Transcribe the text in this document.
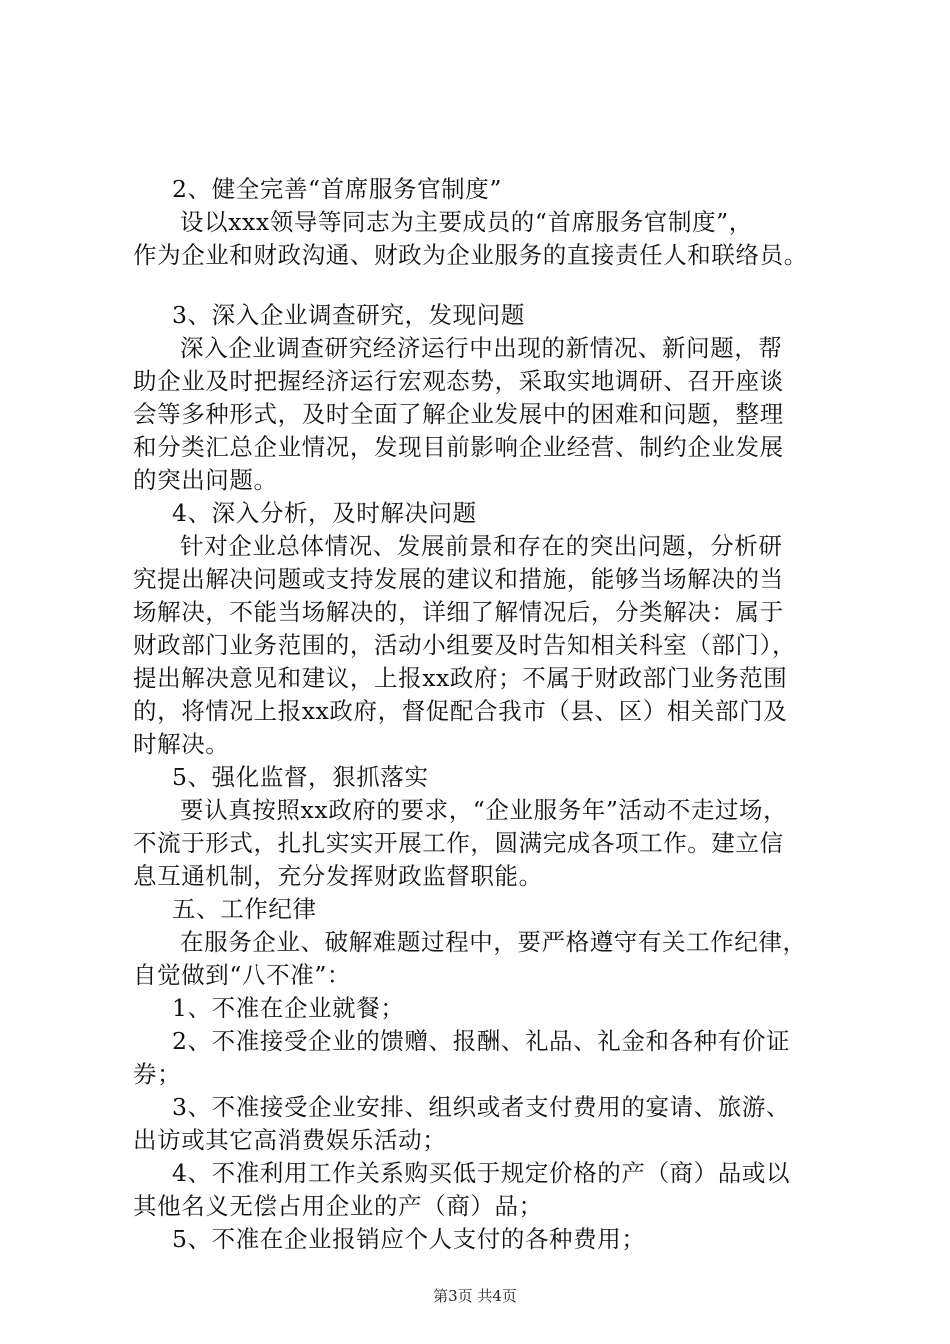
2、健全完善“首席服务官制度”

设以xxx领导等同志为主要成员的“首席服务官制度”，

作为企业和财政沟通、财政为企业服务的直接责任人和联络员。

3、深入企业调查研究，发现问题

深入企业调查研究经济运行中出现的新情况、新问题，帮

助企业及时把握经济运行宏观态势，采取实地调研、召开座谈

会等多种形式，及时全面了解企业发展中的困难和问题，整理

和分类汇总企业情况，发现目前影响企业经营、制约企业发展

的突出问题。

4、深入分析，及时解决问题

针对企业总体情况、发展前景和存在的突出问题，分析研

究提出解决问题或支持发展的建议和措施，能够当场解决的当

场解决，不能当场解决的，详细了解情况后，分类解决：属于

财政部门业务范围的，活动小组要及时告知相关科室（部门），

提出解决意见和建议，上报xx政府；不属于财政部门业务范围

的，将情况上报xx政府，督促配合我市（县、区）相关部门及

时解决。

5、强化监督，狠抓落实

要认真按照xx政府的要求，“企业服务年”活动不走过场，

不流于形式，扎扎实实开展工作，圆满完成各项工作。建立信

息互通机制，充分发挥财政监督职能。

五、工作纪律

在服务企业、破解难题过程中，要严格遵守有关工作纪律，

自觉做到“八不准”：

1、不准在企业就餐；

2、不准接受企业的馈赠、报酬、礼品、礼金和各种有价证

券；

3、不准接受企业安排、组织或者支付费用的宴请、旅游、

出访或其它高消费娱乐活动；

4、不准利用工作关系购买低于规定价格的产（商）品或以

其他名义无偿占用企业的产（商）品；

5、不准在企业报销应个人支付的各种费用；

第3页 共4页
